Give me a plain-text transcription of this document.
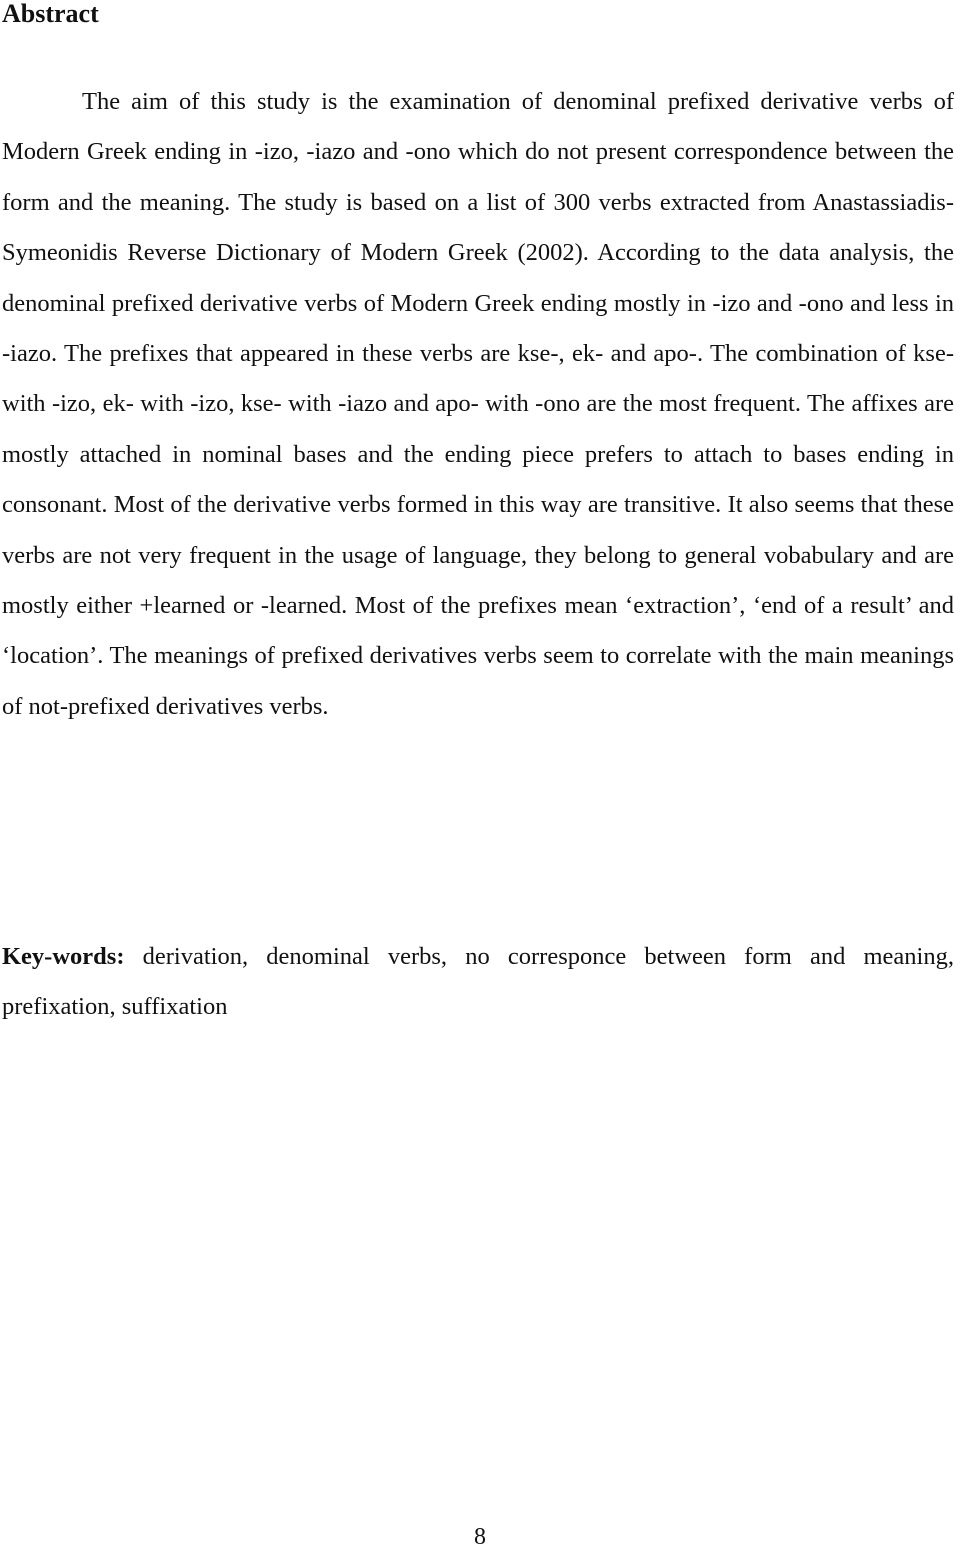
Abstract

The aim of this study is the examination of denominal prefixed derivative verbs of Modern Greek ending in -izo, -iazo and -ono which do not present correspondence between the form and the meaning. The study is based on a list of 300 verbs extracted from Anastassiadis-Symeonidis Reverse Dictionary of Modern Greek (2002). According to the data analysis, the denominal prefixed derivative verbs of Modern Greek ending mostly in -izo and -ono and less in -iazo. The prefixes that appeared in these verbs are kse-, ek- and apo-. The combination of kse- with -izo, ek- with -izo, kse- with -iazo and apo- with -ono are the most frequent. The affixes are mostly attached in nominal bases and the ending piece prefers to attach to bases ending in consonant. Most of the derivative verbs formed in this way are transitive. It also seems that these verbs are not very frequent in the usage of language, they belong to general vobabulary and are mostly either +learned or -learned. Most of the prefixes mean ‘extraction’, ‘end of a result’ and ‘location’. The meanings of prefixed derivatives verbs seem to correlate with the main meanings of not-prefixed derivatives verbs.

Key-words: derivation, denominal verbs, no corresponce between form and meaning, prefixation, suffixation

8
